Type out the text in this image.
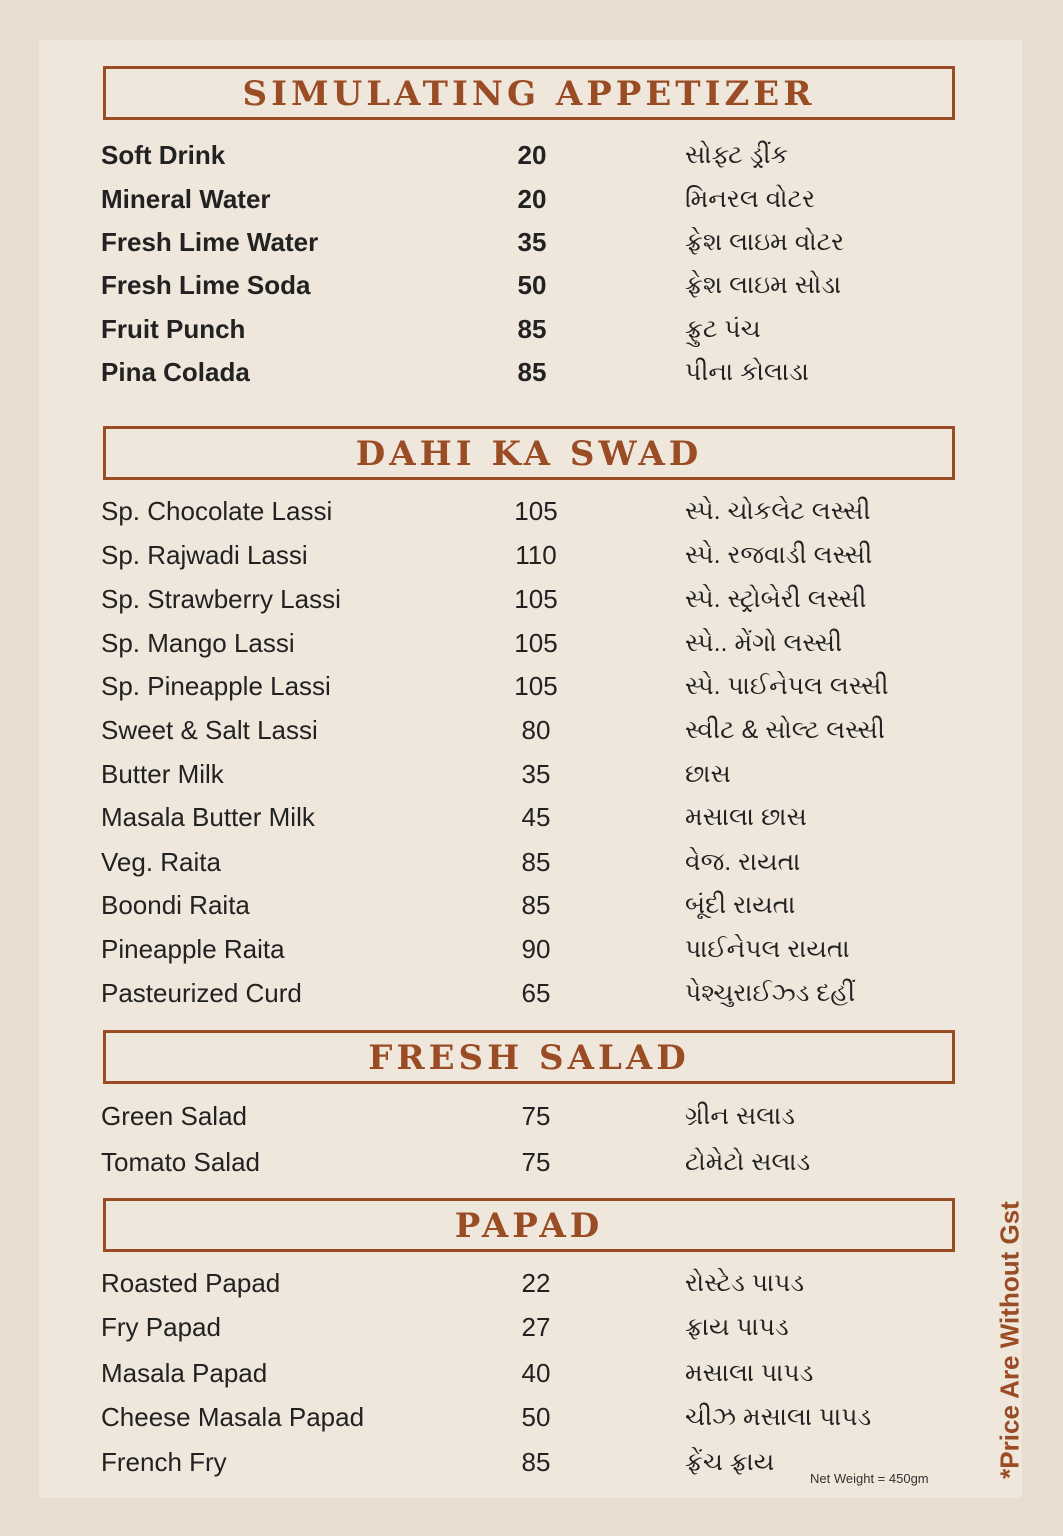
SIMULATING APPETIZER
Soft Drink	20	સોફ્ટ ડ્રીંક
Mineral Water	20	મિનરલ વોટર
Fresh Lime Water	35	ફ્રેશ લાઇમ વોટર
Fresh Lime Soda	50	ફ્રેશ લાઇમ સોડા
Fruit Punch	85	ફ્રુટ પંચ
Pina Colada	85	પીના કોલાડા
DAHI KA SWAD
Sp. Chocolate Lassi	105	સ્પે. ચોકલેટ લસ્સી
Sp. Rajwadi Lassi	110	સ્પે. રજવાડી લસ્સી
Sp. Strawberry Lassi	105	સ્પે. સ્ટ્રોબેરી લસ્સી
Sp. Mango Lassi	105	સ્પે.. મેંગો લસ્સી
Sp. Pineapple Lassi	105	સ્પે. પાઈનેપલ લસ્સી
Sweet & Salt Lassi	80	સ્વીટ & સોલ્ટ લસ્સી
Butter Milk	35	છાસ
Masala Butter Milk	45	મસાલા છાસ
Veg. Raita	85	વેજ. રાયતા
Boondi Raita	85	બૂંદી રાયતા
Pineapple Raita	90	પાઈનેપલ રાયતા
Pasteurized Curd	65	પેશ્ચુરાઈઝ્ડ દહીં
FRESH SALAD
Green Salad	75	ગ્રીન સલાડ
Tomato Salad	75	ટોમેટો સલાડ
PAPAD
Roasted Papad	22	રોસ્ટેડ પાપડ
Fry Papad	27	ફ્રાય પાપડ
Masala Papad	40	મસાલા પાપડ
Cheese Masala Papad	50	ચીઝ મસાલા પાપડ
French Fry	85	ફ્રેંચ ફ્રાય
Net Weight = 450gm	*Price Are Without Gst
